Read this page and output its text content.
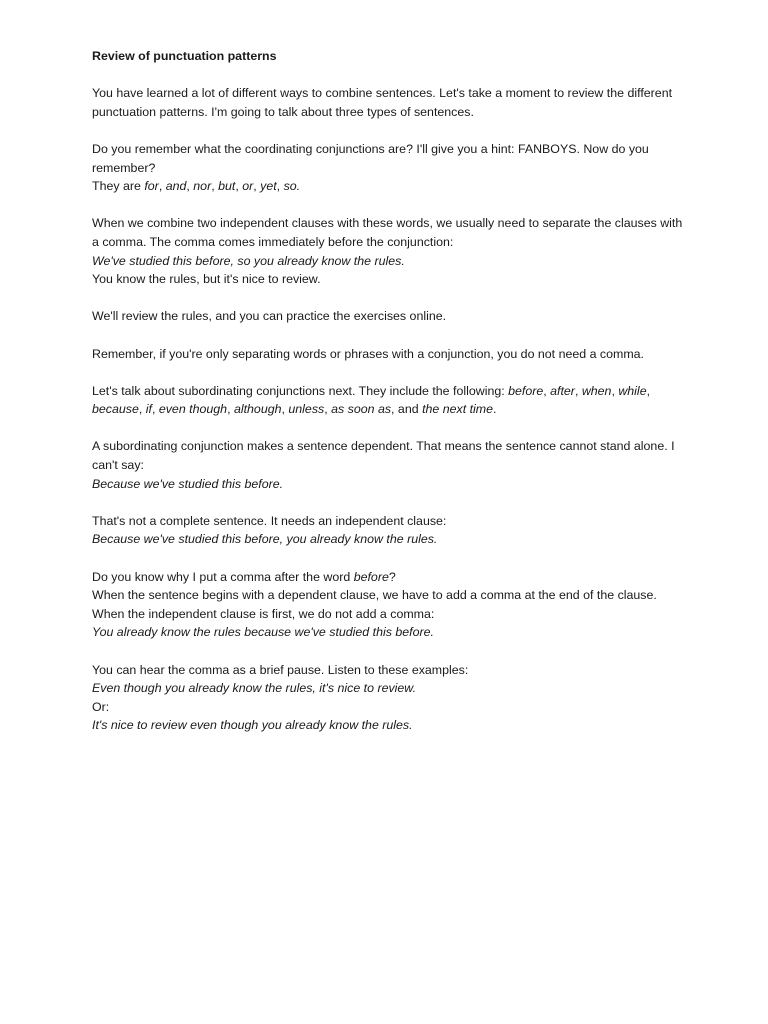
Review of punctuation patterns
You have learned a lot of different ways to combine sentences. Let's take a moment to review the different punctuation patterns. I'm going to talk about three types of sentences.
Do you remember what the coordinating conjunctions are? I'll give you a hint: FANBOYS. Now do you remember?
They are for, and, nor, but, or, yet, so.
When we combine two independent clauses with these words, we usually need to separate the clauses with a comma. The comma comes immediately before the conjunction:
We've studied this before, so you already know the rules.
You know the rules, but it's nice to review.
We'll review the rules, and you can practice the exercises online.
Remember, if you're only separating words or phrases with a conjunction, you do not need a comma.
Let's talk about subordinating conjunctions next. They include the following: before, after, when, while, because, if, even though, although, unless, as soon as, and the next time.
A subordinating conjunction makes a sentence dependent. That means the sentence cannot stand alone. I can't say:
Because we've studied this before.
That's not a complete sentence. It needs an independent clause:
Because we've studied this before, you already know the rules.
Do you know why I put a comma after the word before?
When the sentence begins with a dependent clause, we have to add a comma at the end of the clause.
When the independent clause is first, we do not add a comma:
You already know the rules because we've studied this before.
You can hear the comma as a brief pause. Listen to these examples:
Even though you already know the rules, it's nice to review.
Or:
It's nice to review even though you already know the rules.
